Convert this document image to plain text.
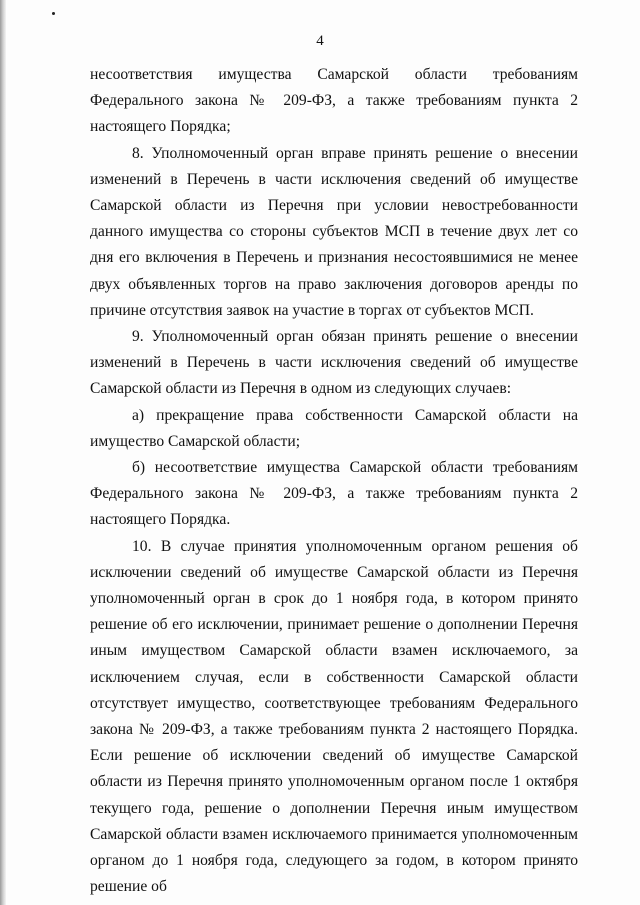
4

несоответствия имущества Самарской области требованиям Федерального закона № 209-ФЗ, а также требованиям пункта 2 настоящего Порядка;

8. Уполномоченный орган вправе принять решение о внесении изменений в Перечень в части исключения сведений об имуществе Самарской области из Перечня при условии невостребованности данного имущества со стороны субъектов МСП в течение двух лет со дня его включения в Перечень и признания несостоявшимися не менее двух объявленных торгов на право заключения договоров аренды по причине отсутствия заявок на участие в торгах от субъектов МСП.

9. Уполномоченный орган обязан принять решение о внесении изменений в Перечень в части исключения сведений об имуществе Самарской области из Перечня в одном из следующих случаев:

а) прекращение права собственности Самарской области на имущество Самарской области;

б) несоответствие имущества Самарской области требованиям Федерального закона № 209-ФЗ, а также требованиям пункта 2 настоящего Порядка.

10. В случае принятия уполномоченным органом решения об исключении сведений об имуществе Самарской области из Перечня уполномоченный орган в срок до 1 ноября года, в котором принято решение об его исключении, принимает решение о дополнении Перечня иным имуществом Самарской области взамен исключаемого, за исключением случая, если в собственности Самарской области отсутствует имущество, соответствующее требованиям Федерального закона № 209-ФЗ, а также требованиям пункта 2 настоящего Порядка. Если решение об исключении сведений об имуществе Самарской области из Перечня принято уполномоченным органом после 1 октября текущего года, решение о дополнении Перечня иным имуществом Самарской области взамен исключаемого принимается уполномоченным органом до 1 ноября года, следующего за годом, в котором принято решение об
